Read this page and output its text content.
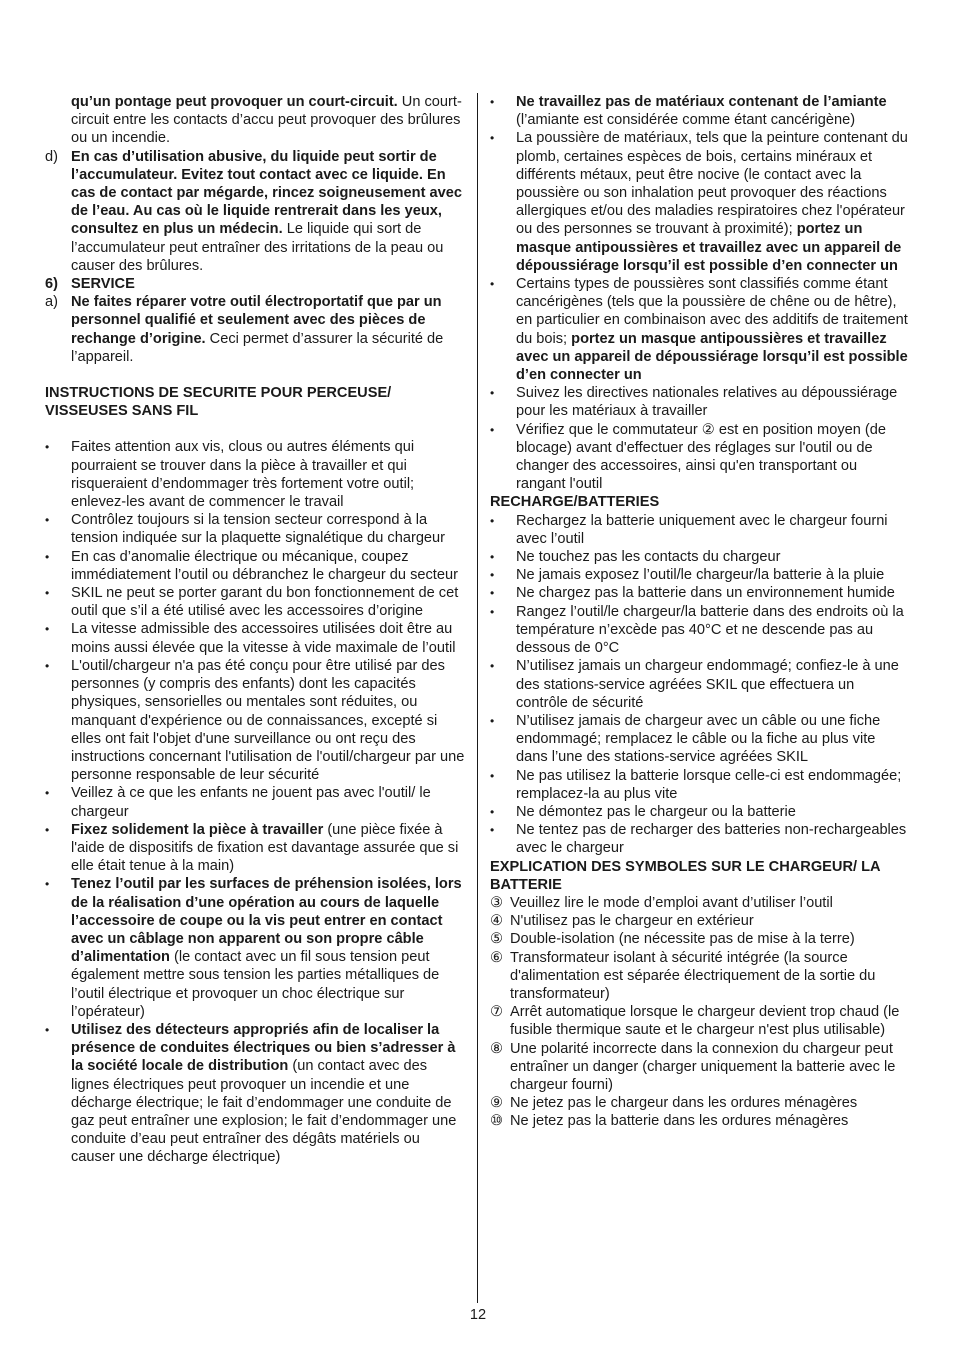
qu’un pontage peut provoquer un court-circuit. Un court-circuit entre les contacts d’accu peut provoquer des brûlures ou un incendie.
d) En cas d’utilisation abusive, du liquide peut sortir de l’accumulateur. Evitez tout contact avec ce liquide. En cas de contact par mégarde, rincez soigneusement avec de l’eau. Au cas où le liquide rentrerait dans les yeux, consultez en plus un médecin. Le liquide qui sort de l’accumulateur peut entraîner des irritations de la peau ou causer des brûlures.
6) SERVICE
a) Ne faites réparer votre outil électroportatif que par un personnel qualifié et seulement avec des pièces de rechange d’origine. Ceci permet d’assurer la sécurité de l’appareil.
INSTRUCTIONS DE SECURITE POUR PERCEUSE/ VISSEUSES SANS FIL
• Faites attention aux vis, clous ou autres éléments qui pourraient se trouver dans la pièce à travailler et qui risqueraient d’endommager très fortement votre outil; enlevez-les avant de commencer le travail
• Contrôlez toujours si la tension secteur correspond à la tension indiquée sur la plaquette signalétique du chargeur
• En cas d’anomalie électrique ou mécanique, coupez immédiatement l’outil ou débranchez le chargeur du secteur
• SKIL ne peut se porter garant du bon fonctionnement de cet outil que s’il a été utilisé avec les accessoires d’origine
• La vitesse admissible des accessoires utilisées doit être au moins aussi élevée que la vitesse à vide maximale de l’outil
• L'outil/chargeur n'a pas été conçu pour être utilisé par des personnes (y compris des enfants) dont les capacités physiques, sensorielles ou mentales sont réduites, ou manquant d'expérience ou de connaissances, excepté si elles ont fait l'objet d'une surveillance ou ont reçu des instructions concernant l'utilisation de l'outil/chargeur par une personne responsable de leur sécurité
• Veillez à ce que les enfants ne jouent pas avec l'outil/ le chargeur
• Fixez solidement la pièce à travailler (une pièce fixée à l'aide de dispositifs de fixation est davantage assurée que si elle était tenue à la main)
• Tenez l’outil par les surfaces de préhension isolées, lors de la réalisation d’une opération au cours de laquelle l’accessoire de coupe ou la vis peut entrer en contact avec un câblage non apparent ou son propre câble d’alimentation (le contact avec un fil sous tension peut également mettre sous tension les parties métalliques de l’outil électrique et provoquer un choc électrique sur l’opérateur)
• Utilisez des détecteurs appropriés afin de localiser la présence de conduites électriques ou bien s’adresser à la société locale de distribution (un contact avec des lignes électriques peut provoquer un incendie et une décharge électrique; le fait d’endommager une conduite de gaz peut entraîner une explosion; le fait d’endommager une conduite d’eau peut entraîner des dégâts matériels ou causer une décharge électrique)
• Ne travaillez pas de matériaux contenant de l’amiante (l’amiante est considérée comme étant cancérigène)
• La poussière de matériaux, tels que la peinture contenant du plomb, certaines espèces de bois, certains minéraux et différents métaux, peut être nocive (le contact avec la poussière ou son inhalation peut provoquer des réactions allergiques et/ou des maladies respiratoires chez l'opérateur ou des personnes se trouvant à proximité); portez un masque antipoussières et travaillez avec un appareil de dépoussiérage lorsqu’il est possible d’en connecter un
• Certains types de poussières sont classifiés comme étant cancérigènes (tels que la poussière de chêne ou de hêtre), en particulier en combinaison avec des additifs de traitement du bois; portez un masque antipoussières et travaillez avec un appareil de dépoussiérage lorsqu’il est possible d’en connecter un
• Suivez les directives nationales relatives au dépoussiérage pour les matériaux à travailler
• Vérifiez que le commutateur ② est en position moyen (de blocage) avant d'effectuer des réglages sur l'outil ou de changer des accessoires, ainsi qu'en transportant ou rangant l'outil
RECHARGE/BATTERIES
• Rechargez la batterie uniquement avec le chargeur fourni avec l’outil
• Ne touchez pas les contacts du chargeur
• Ne jamais exposez l’outil/le chargeur/la batterie à la pluie
• Ne chargez pas la batterie dans un environnement humide
• Rangez l’outil/le chargeur/la batterie dans des endroits où la température n’excède pas 40°C et ne descende pas au dessous de 0°C
• N’utilisez jamais un chargeur endommagé; confiez-le à une des stations-service agréées SKIL que effectuera un contrôle de sécurité
• N’utilisez jamais de chargeur avec un câble ou une fiche endommagé; remplacez le câble ou la fiche au plus vite dans l’une des stations-service agréées SKIL
• Ne pas utilisez la batterie lorsque celle-ci est endommagée; remplacez-la au plus vite
• Ne démontez pas le chargeur ou la batterie
• Ne tentez pas de recharger des batteries non-rechargeables avec le chargeur
EXPLICATION DES SYMBOLES SUR LE CHARGEUR/ LA BATTERIE
③ Veuillez lire le mode d’emploi avant d’utiliser l’outil
④ N'utilisez pas le chargeur en extérieur
⑤ Double-isolation (ne nécessite pas de mise à la terre)
⑥ Transformateur isolant à sécurité intégrée (la source d'alimentation est séparée électriquement de la sortie du transformateur)
⑦ Arrêt automatique lorsque le chargeur devient trop chaud (le fusible thermique saute et le chargeur n'est plus utilisable)
⑧ Une polarité incorrecte dans la connexion du chargeur peut entraîner un danger (charger uniquement la batterie avec le chargeur fourni)
⑨ Ne jetez pas le chargeur dans les ordures ménagères
⑩ Ne jetez pas la batterie dans les ordures ménagères
12
